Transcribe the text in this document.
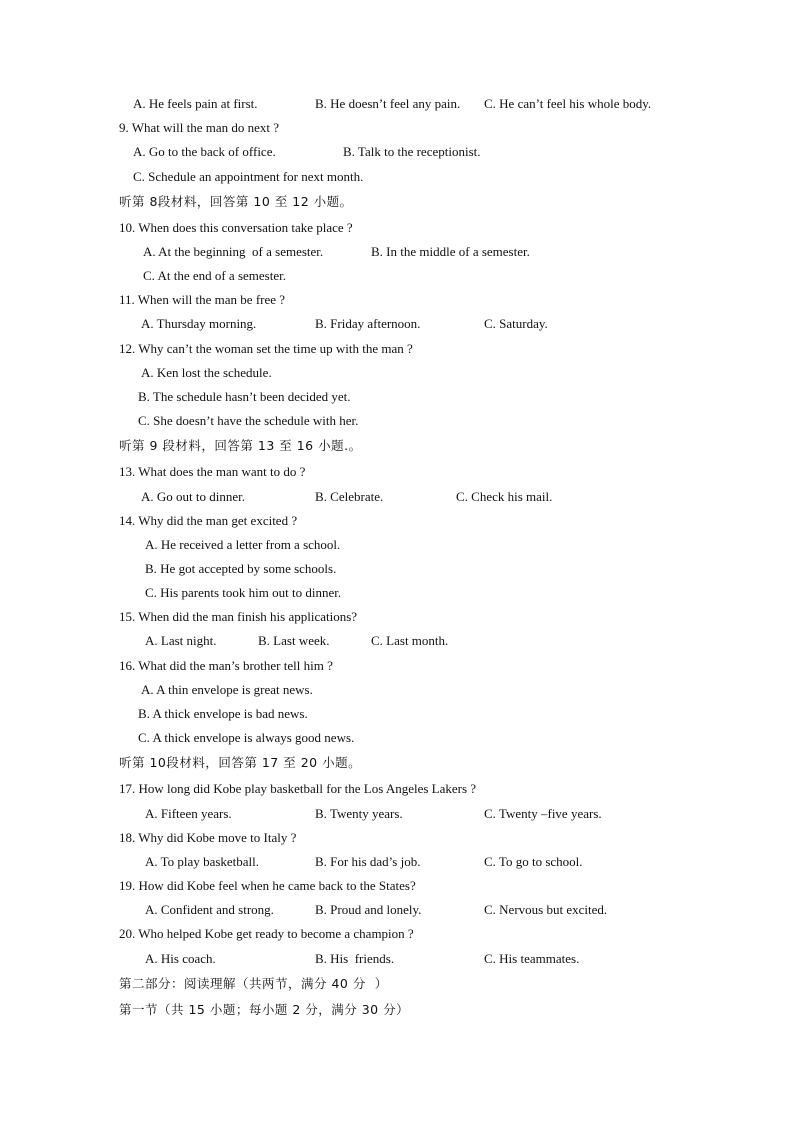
A. He feels pain at first.	B. He doesn’t feel any pain. C. He can’t feel his whole body.
9. What will the man do next ?
A. Go to the back of office.	B. Talk to the receptionist.
C. Schedule an appointment for next month.
听第 8段材料，回答第 10 至 12 小题。
10. When does this conversation take place ?
A. At the beginning  of a semester.	B. In the middle of a semester.
C. At the end of a semester.
11. When will the man be free ?
A. Thursday morning.	B. Friday afternoon.	C. Saturday.
12. Why can’t the woman set the time up with the man ?
A. Ken lost the schedule.
B. The schedule hasn’t been decided yet.
C. She doesn’t have the schedule with her.
听第 9 段材料，回答第 13 至 16 小题.。
13. What does the man want to do ?
A. Go out to dinner.	B. Celebrate.	C. Check his mail.
14. Why did the man get excited ?
A. He received a letter from a school.
B. He got accepted by some schools.
C. His parents took him out to dinner.
15. When did the man finish his applications?
A. Last night.	B. Last week.	C. Last month.
16. What did the man’s brother tell him ?
A. A thin envelope is great news.
B. A thick envelope is bad news.
C. A thick envelope is always good news.
听第 10段材料，回答第 17 至 20 小题。
17. How long did Kobe play basketball for the Los Angeles Lakers ?
A. Fifteen years.	B. Twenty years.	C. Twenty –five years.
18. Why did Kobe move to Italy ?
A. To play basketball.	B. For his dad’s job.	C. To go to school.
19. How did Kobe feel when he came back to the States?
A. Confident and strong.	B. Proud and lonely.	C. Nervous but excited.
20. Who helped Kobe get ready to become a champion ?
A. His coach.	B. His  friends.	C. His teammates.
第二部分：阅读理解（共两节，满分 40 分  ）
第一节（共 15 小题；每小题 2 分，满分 30 分）
